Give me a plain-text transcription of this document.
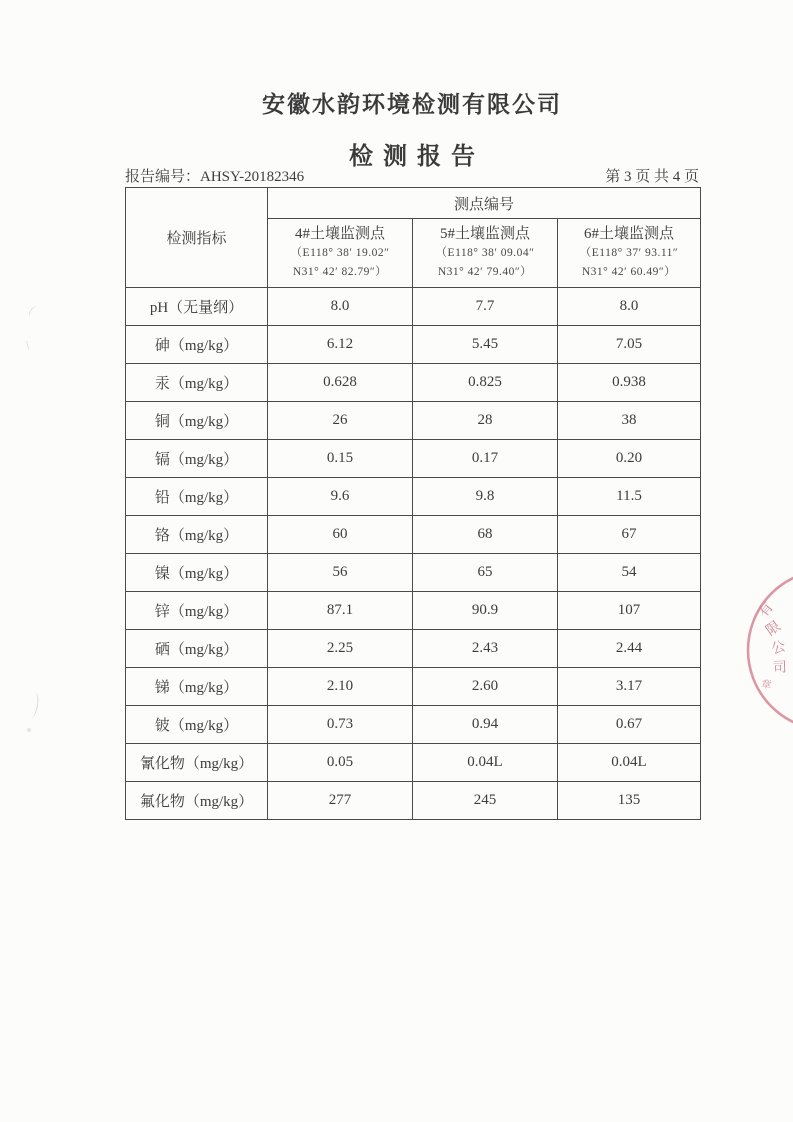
安徽水韵环境检测有限公司
检测报告
报告编号：AHSY-20182346	第 3 页 共 4 页
检测指标	测点编号		

4#土壤监测点
（E118° 38′ 19.02″
N31° 42′ 82.79″）

5#土壤监测点
（E118° 38′ 09.04″
N31° 42′ 79.40″）

6#土壤监测点
（E118° 37′ 93.11″
N31° 42′ 60.49″）

pH（无量纲）	8.0	7.7	8.0
砷（mg/kg）	6.12	5.45	7.05
汞（mg/kg）	0.628	0.825	0.938
铜（mg/kg）	26	28	38
镉（mg/kg）	0.15	0.17	0.20
铅（mg/kg）	9.6	9.8	11.5
铬（mg/kg）	60	68	67
镍（mg/kg）	56	65	54
锌（mg/kg）	87.1	90.9	107
硒（mg/kg）	2.25	2.43	2.44
锑（mg/kg）	2.10	2.60	3.17
铍（mg/kg）	0.73	0.94	0.67
氰化物（mg/kg）	0.05	0.04L	0.04L
氟化物（mg/kg）	277	245	135
有
限
公
司
章
